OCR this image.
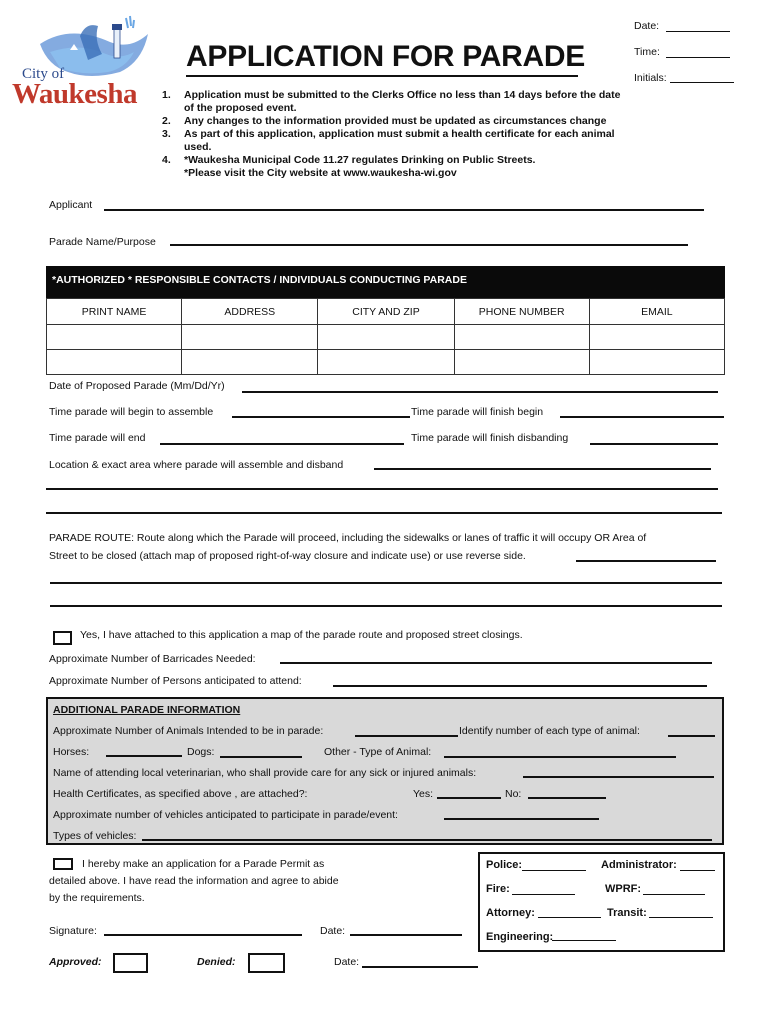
City of
Waukesha
APPLICATION FOR PARADE
Date:
Time:
Initials:
1.	Application must be submitted to the Clerks Office no less than 14 days before the date of the proposed event.
2.	Any changes to the information provided must be updated as circumstances change
3.	As part of this application, application must submit a health certificate for each animal used.
4.	*Waukesha Municipal Code 11.27 regulates Drinking on Public Streets.
*Please visit the City website at www.waukesha-wi.gov
Applicant
Parade Name/Purpose
*AUTHORIZED * RESPONSIBLE CONTACTS / INDIVIDUALS CONDUCTING PARADE
PRINT NAME	ADDRESS	CITY AND ZIP	PHONE NUMBER	EMAIL

Date of Proposed Parade (Mm/Dd/Yr)
Time parade will begin to assemble	Time parade will finish begin
Time parade will end	Time parade will finish disbanding
Location & exact area where parade will assemble and disband
PARADE ROUTE: Route along which the Parade will proceed, including the sidewalks or lanes of traffic it will occupy OR Area of
Street to be closed (attach map of proposed right-of-way closure and indicate use) or use reverse side.
Yes, I have attached to this application a map of the parade route and proposed street closings.
Approximate Number of Barricades Needed:
Approximate Number of Persons anticipated to attend:
ADDITIONAL PARADE INFORMATION
Approximate Number of Animals Intended to be in parade:	Identify number of each type of animal:
Horses:	Dogs:	Other - Type of Animal:
Name of attending local veterinarian, who shall provide care for any sick or injured animals:
Health Certificates, as specified above , are attached?:	Yes:	No:
Approximate number of vehicles anticipated to participate in parade/event:
Types of vehicles:
I hereby make an application for a Parade Permit as
detailed above. I have read the information and agree to abide
by the requirements.
Signature:	Date:
Approved:	Denied:	Date:
Police:	Administrator:
Fire:	WPRF:
Attorney:	Transit:
Engineering:
